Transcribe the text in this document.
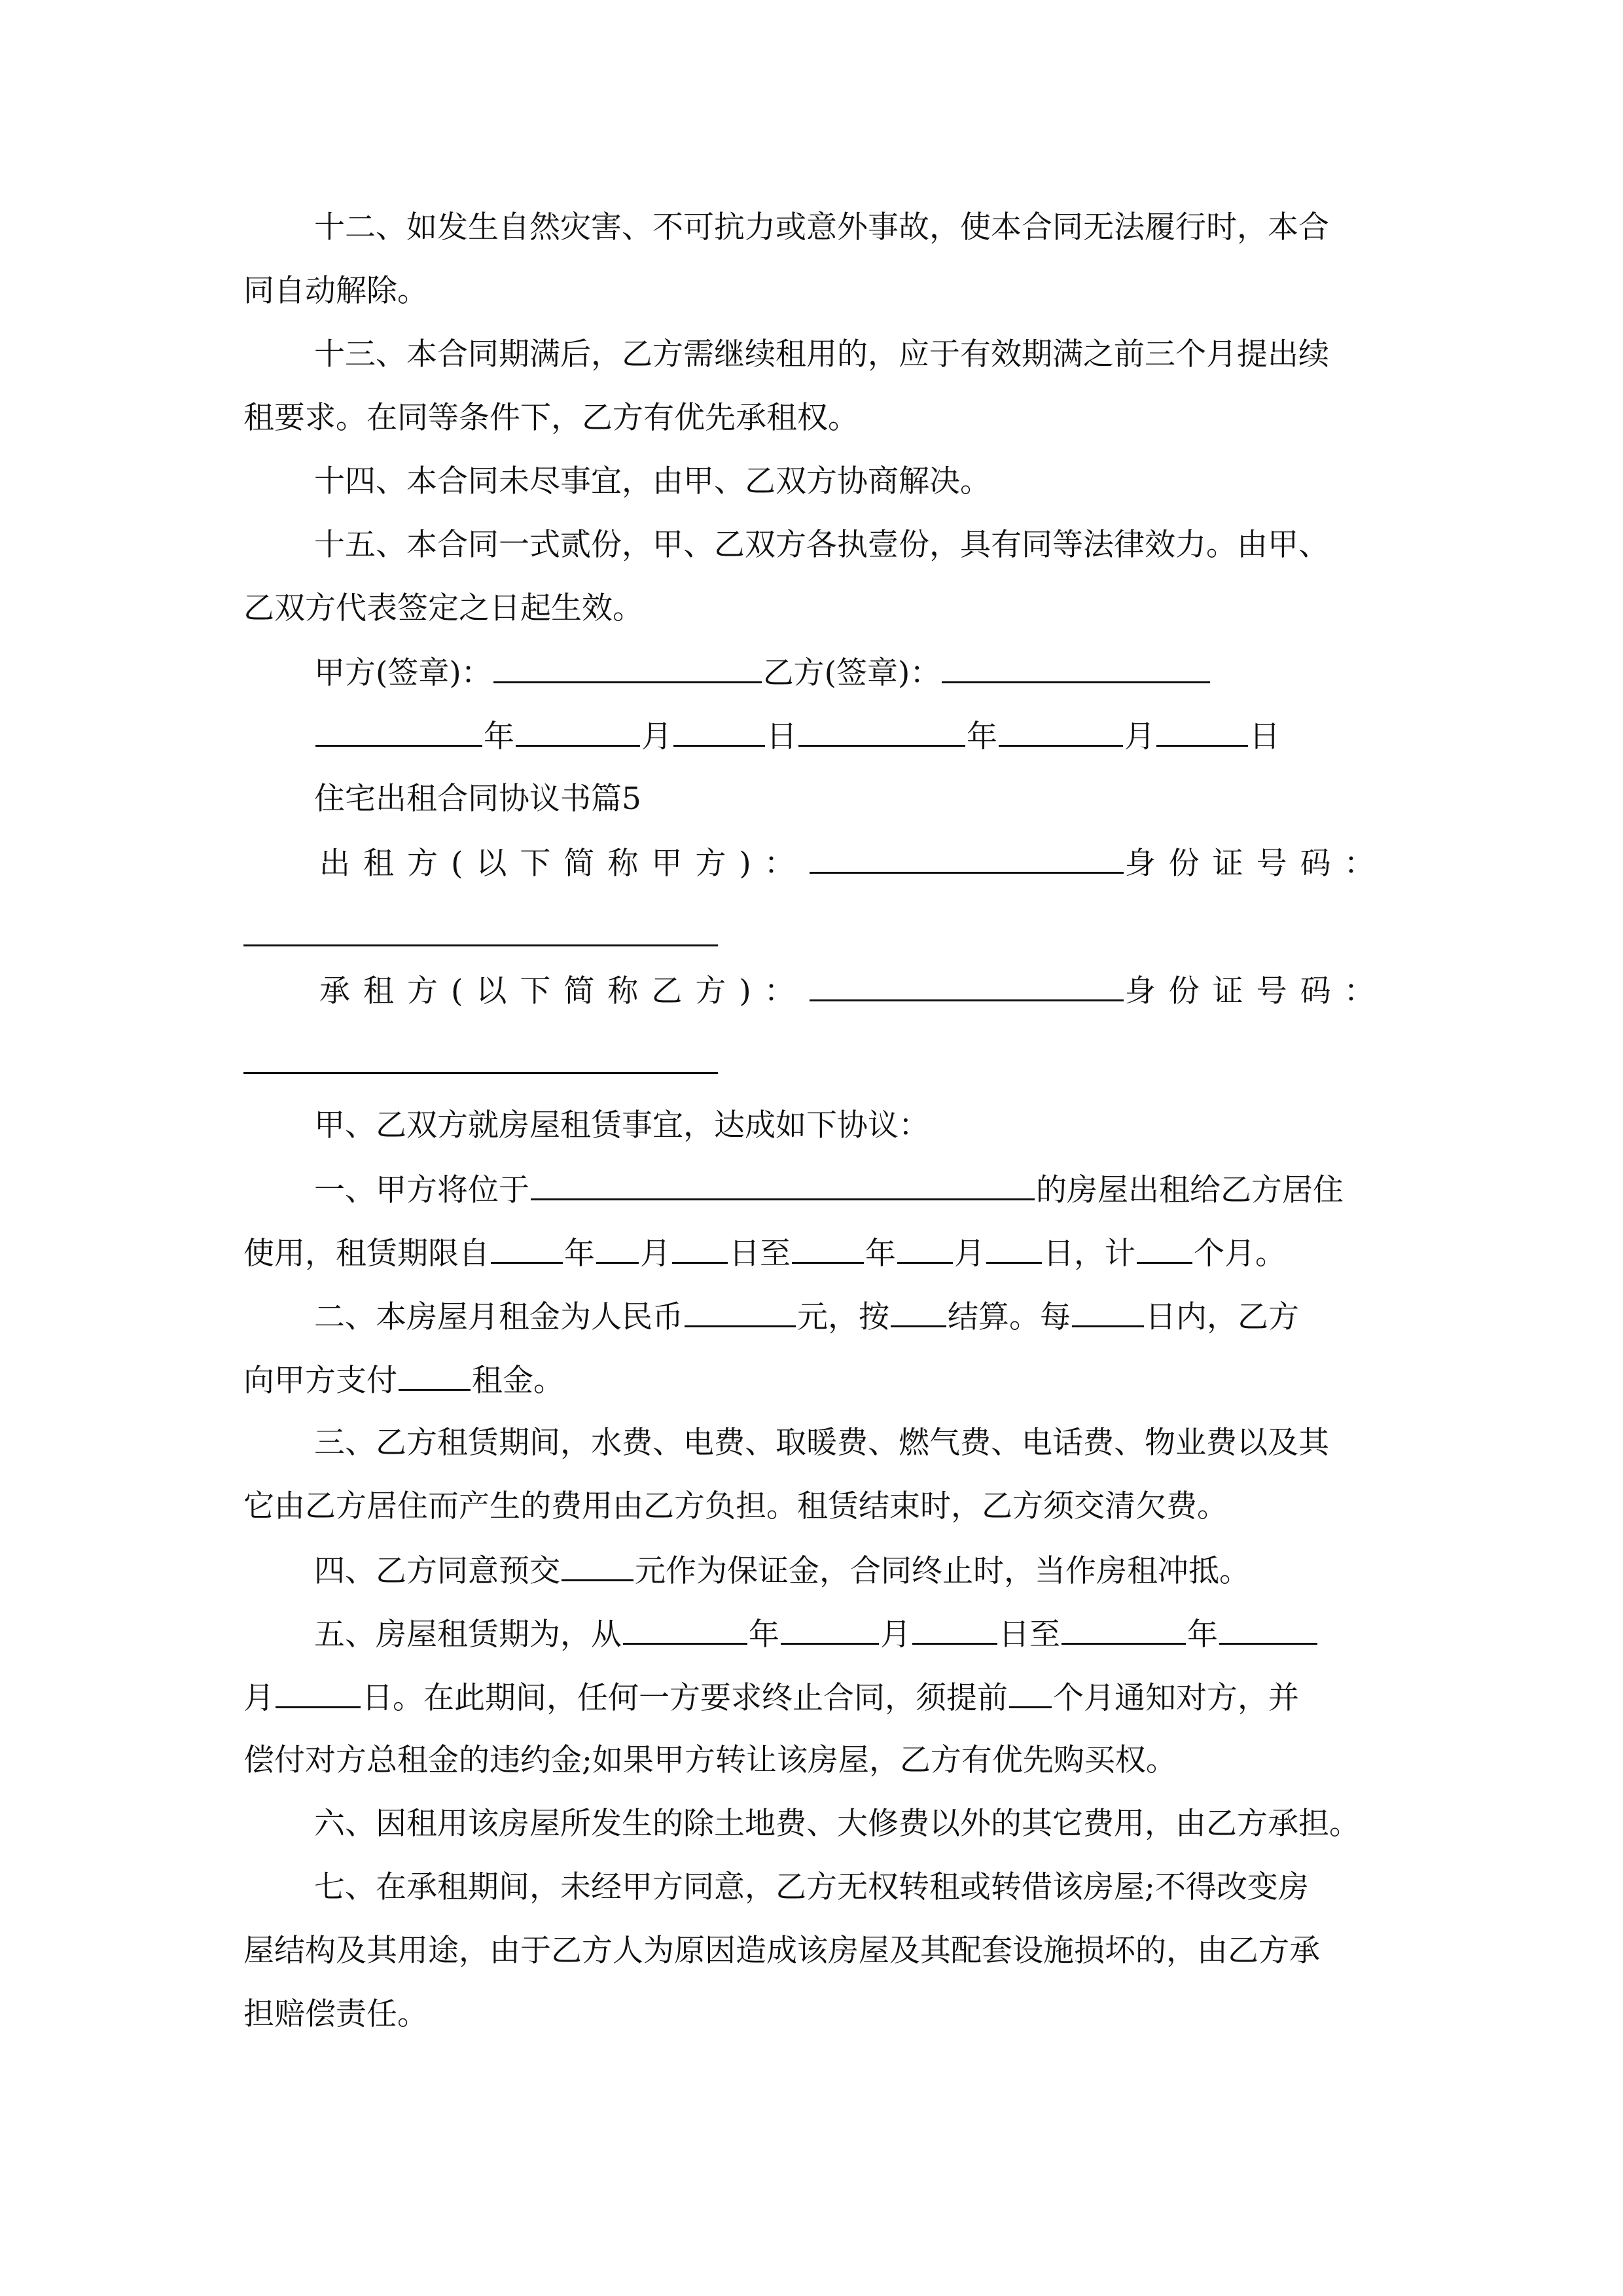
十二、如发生自然灾害、不可抗力或意外事故，使本合同无法履行时，本合
同自动解除。
十三、本合同期满后，乙方需继续租用的，应于有效期满之前三个月提出续
租要求。在同等条件下，乙方有优先承租权。
十四、本合同未尽事宜，由甲、乙双方协商解决。
十五、本合同一式贰份，甲、乙双方各执壹份，具有同等法律效力。由甲、
乙双方代表签定之日起生效。
甲方(签章)：	乙方(签章)：
年	月	日	年	月	日
住宅出租合同协议书篇5
出租方(以下简称甲方)：	身份证号码：
承租方(以下简称乙方)：	身份证号码：
甲、乙双方就房屋租赁事宜，达成如下协议：
一、甲方将位于	的房屋出租给乙方居住
使用，租赁期限自 年 月 日至 年 月 日，计 个月。
二、本房屋月租金为人民币	元，按 结算。每 日内，乙方
向甲方支付 租金。
三、乙方租赁期间，水费、电费、取暖费、燃气费、电话费、物业费以及其
它由乙方居住而产生的费用由乙方负担。租赁结束时，乙方须交清欠费。
四、乙方同意预交 元作为保证金，合同终止时，当作房租冲抵。
五、房屋租赁期为，从	年	月	日至	年
月	日。在此期间，任何一方要求终止合同，须提前 个月通知对方，并
偿付对方总租金的违约金;如果甲方转让该房屋，乙方有优先购买权。
六、因租用该房屋所发生的除土地费、大修费以外的其它费用，由乙方承担。
七、在承租期间，未经甲方同意，乙方无权转租或转借该房屋;不得改变房
屋结构及其用途，由于乙方人为原因造成该房屋及其配套设施损坏的，由乙方承
担赔偿责任。
